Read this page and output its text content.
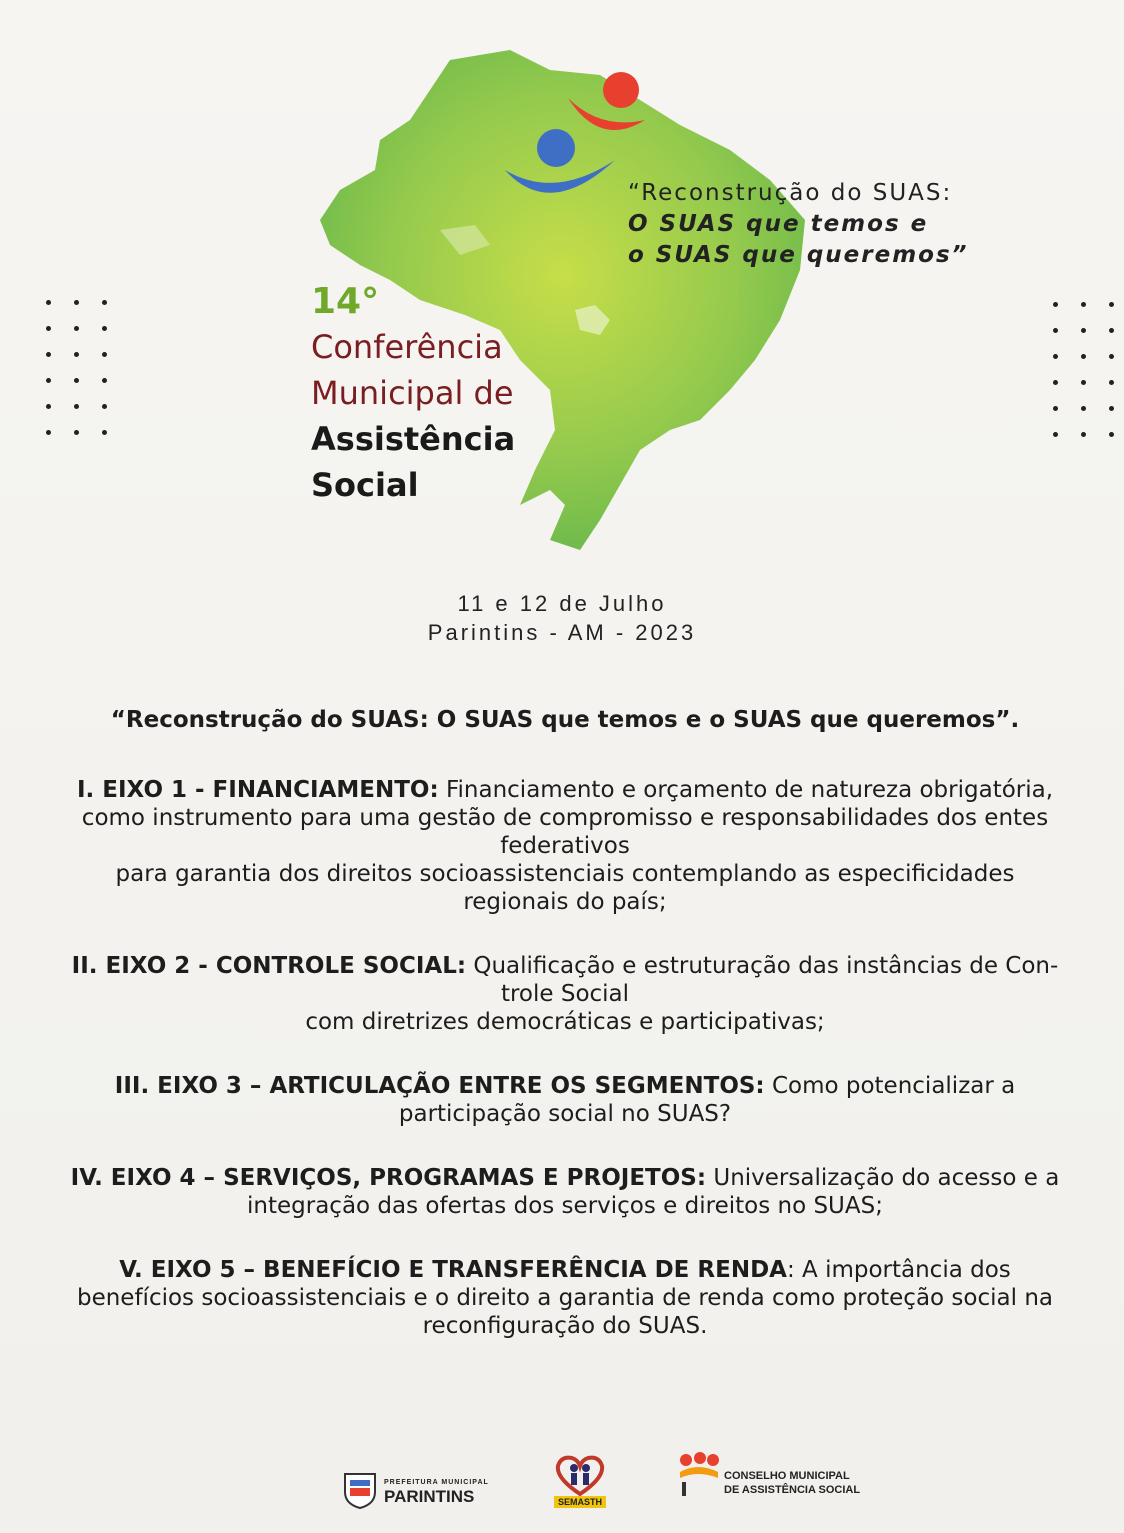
“Reconstrução do SUAS:
O SUAS que temos e
o SUAS que queremos”
14°
Conferência
Municipal de
Assistência
Social
11 e 12 de Julho
Parintins - AM - 2023

“Reconstrução do SUAS: O SUAS que temos e o SUAS que queremos”.

I. EIXO 1 - FINANCIAMENTO: Financiamento e orçamento de natureza obrigatória,
como instrumento para uma gestão de compromisso e responsabilidades dos entes
federativos
para garantia dos direitos socioassistenciais contemplando as especificidades
regionais do país;

II. EIXO 2 - CONTROLE SOCIAL: Qualificação e estruturação das instâncias de Con-
trole Social
com diretrizes democráticas e participativas;

III. EIXO 3 – ARTICULAÇÃO ENTRE OS SEGMENTOS: Como potencializar a
participação social no SUAS?

IV. EIXO 4 – SERVIÇOS, PROGRAMAS E PROJETOS: Universalização do acesso e a
integração das ofertas dos serviços e direitos no SUAS;

V. EIXO 5 – BENEFÍCIO E TRANSFERÊNCIA DE RENDA: A importância dos
benefícios socioassistenciais e o direito a garantia de renda como proteção social na
reconfiguração do SUAS.

PREFEITURA MUNICIPAL
PARINTINS	SEMASTH
CONSELHO MUNICIPAL
DE ASSISTÊNCIA SOCIAL
